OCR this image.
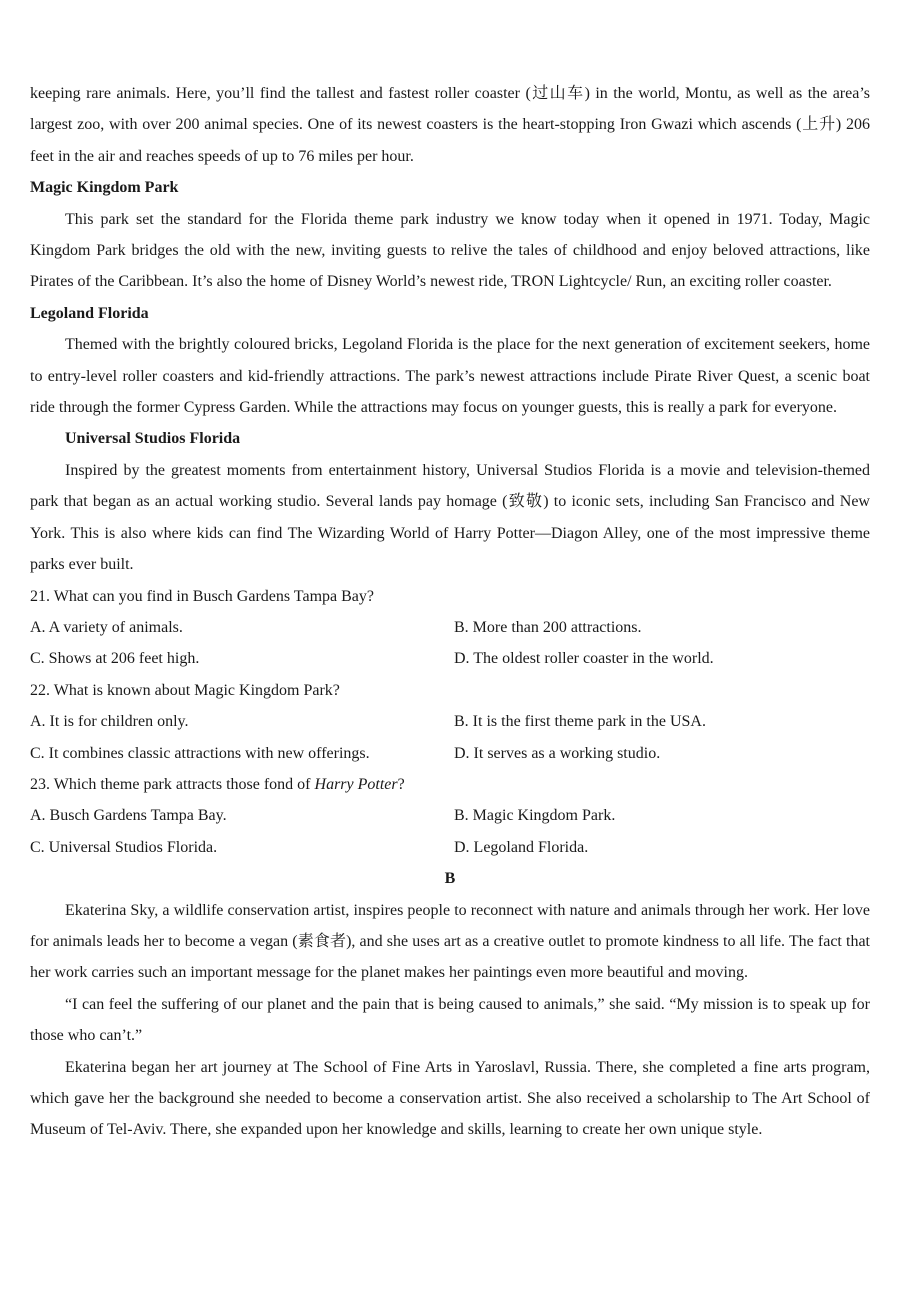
keeping rare animals. Here, you’ll find the tallest and fastest roller coaster (过山车) in the world, Montu, as well as the area’s largest zoo, with over 200 animal species. One of its newest coasters is the heart-stopping Iron Gwazi which ascends (上升) 206 feet in the air and reaches speeds of up to 76 miles per hour.
Magic Kingdom Park
This park set the standard for the Florida theme park industry we know today when it opened in 1971. Today, Magic Kingdom Park bridges the old with the new, inviting guests to relive the tales of childhood and enjoy beloved attractions, like Pirates of the Caribbean. It’s also the home of Disney World’s newest ride, TRON Lightcycle/ Run, an exciting roller coaster.
Legoland Florida
Themed with the brightly coloured bricks, Legoland Florida is the place for the next generation of excitement seekers, home to entry-level roller coasters and kid-friendly attractions. The park’s newest attractions include Pirate River Quest, a scenic boat ride through the former Cypress Garden. While the attractions may focus on younger guests, this is really a park for everyone.
Universal Studios Florida
Inspired by the greatest moments from entertainment history, Universal Studios Florida is a movie and television-themed park that began as an actual working studio. Several lands pay homage (致敬) to iconic sets, including San Francisco and New York. This is also where kids can find The Wizarding World of Harry Potter—Diagon Alley, one of the most impressive theme parks ever built.
21. What can you find in Busch Gardens Tampa Bay?
A. A variety of animals.	B. More than 200 attractions.
C. Shows at 206 feet high.	D. The oldest roller coaster in the world.
22. What is known about Magic Kingdom Park?
A. It is for children only.	B. It is the first theme park in the USA.
C. It combines classic attractions with new offerings.	D. It serves as a working studio.
23. Which theme park attracts those fond of Harry Potter?
A. Busch Gardens Tampa Bay.	B. Magic Kingdom Park.
C. Universal Studios Florida.	D. Legoland Florida.
B
Ekaterina Sky, a wildlife conservation artist, inspires people to reconnect with nature and animals through her work. Her love for animals leads her to become a vegan (素食者), and she uses art as a creative outlet to promote kindness to all life. The fact that her work carries such an important message for the planet makes her paintings even more beautiful and moving.
“I can feel the suffering of our planet and the pain that is being caused to animals,” she said. “My mission is to speak up for those who can’t.”
Ekaterina began her art journey at The School of Fine Arts in Yaroslavl, Russia. There, she completed a fine arts program, which gave her the background she needed to become a conservation artist. She also received a scholarship to The Art School of Museum of Tel-Aviv. There, she expanded upon her knowledge and skills, learning to create her own unique style.
